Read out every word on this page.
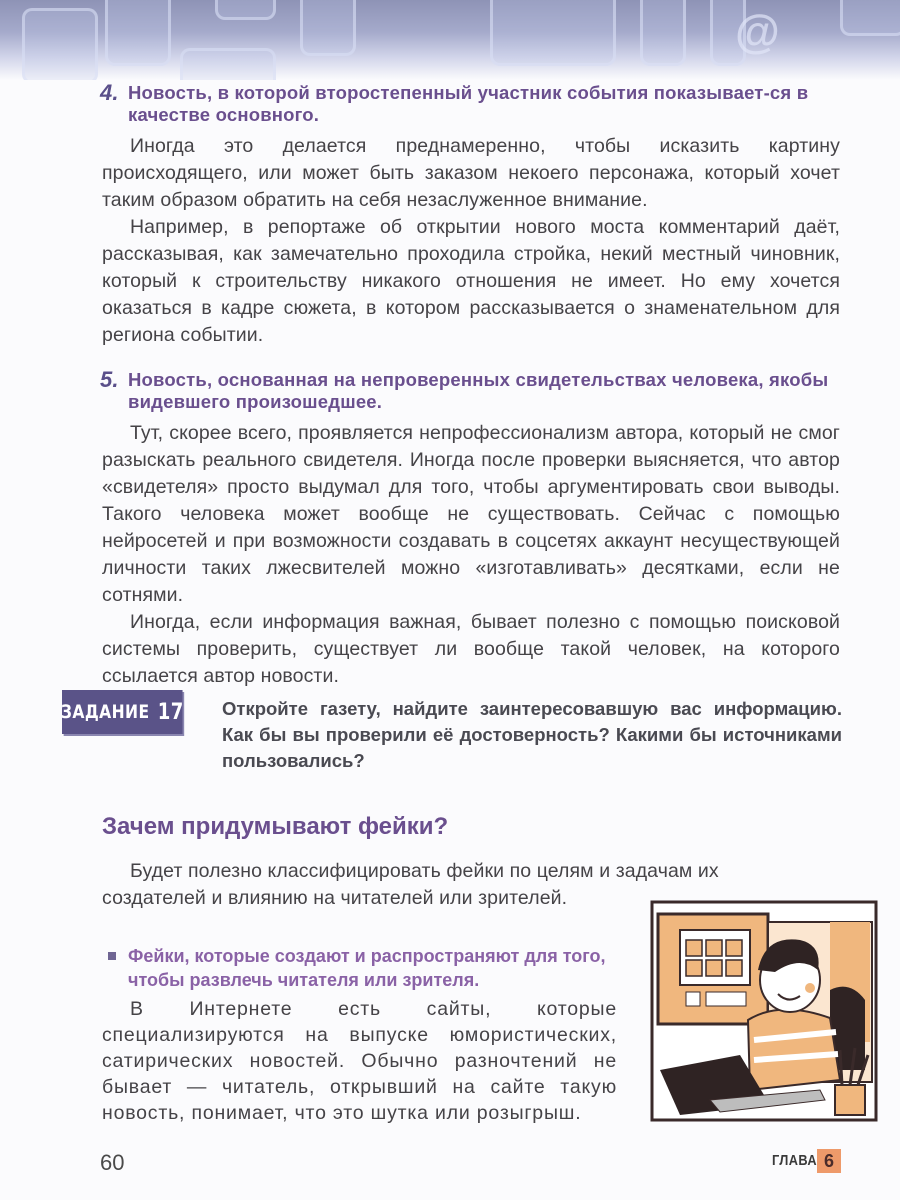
@
4. Новость, в которой второстепенный участник события показывает-ся в качестве основного.

Иногда это делается преднамеренно, чтобы исказить картину происходящего, или может быть заказом некоего персонажа, который хочет таким образом обратить на себя незаслуженное внимание.

Например, в репортаже об открытии нового моста комментарий даёт, рассказывая, как замечательно проходила стройка, некий местный чиновник, который к строительству никакого отношения не имеет. Но ему хочется оказаться в кадре сюжета, в котором рассказывается о знаменательном для региона событии.

5. Новость, основанная на непроверенных свидетельствах человека, якобы видевшего произошедшее.

Тут, скорее всего, проявляется непрофессионализм автора, который не смог разыскать реального свидетеля. Иногда после проверки выясняется, что автор «свидетеля» просто выдумал для того, чтобы аргументировать свои выводы. Такого человека может вообще не существовать. Сейчас с помощью нейросетей и при возможности создавать в соцсетях аккаунт несуществующей личности таких лжесвителей можно «изготавливать» десятками, если не сотнями.

Иногда, если информация важная, бывает полезно с помощью поисковой системы проверить, существует ли вообще такой человек, на которого ссылается автор новости.

ЗАДАНИЕ 17 Откройте газету, найдите заинтересовавшую вас информацию. Как бы вы проверили её достоверность? Какими бы источниками пользовались?
Зачем придумывают фейки?

Будет полезно классифицировать фейки по целям и задачам их

создателей и влиянию на читателей или зрителей.

Фейки, которые создают и распространяют для того, чтобы развлечь читателя или зрителя.

В Интернете есть сайты, которые специализируются на выпуске юмористических, сатирических новостей. Обычно разночтений не бывает — читатель, открывший на сайте такую новость, понимает, что это шутка или розыгрыш.

60	ГЛАВА 6
